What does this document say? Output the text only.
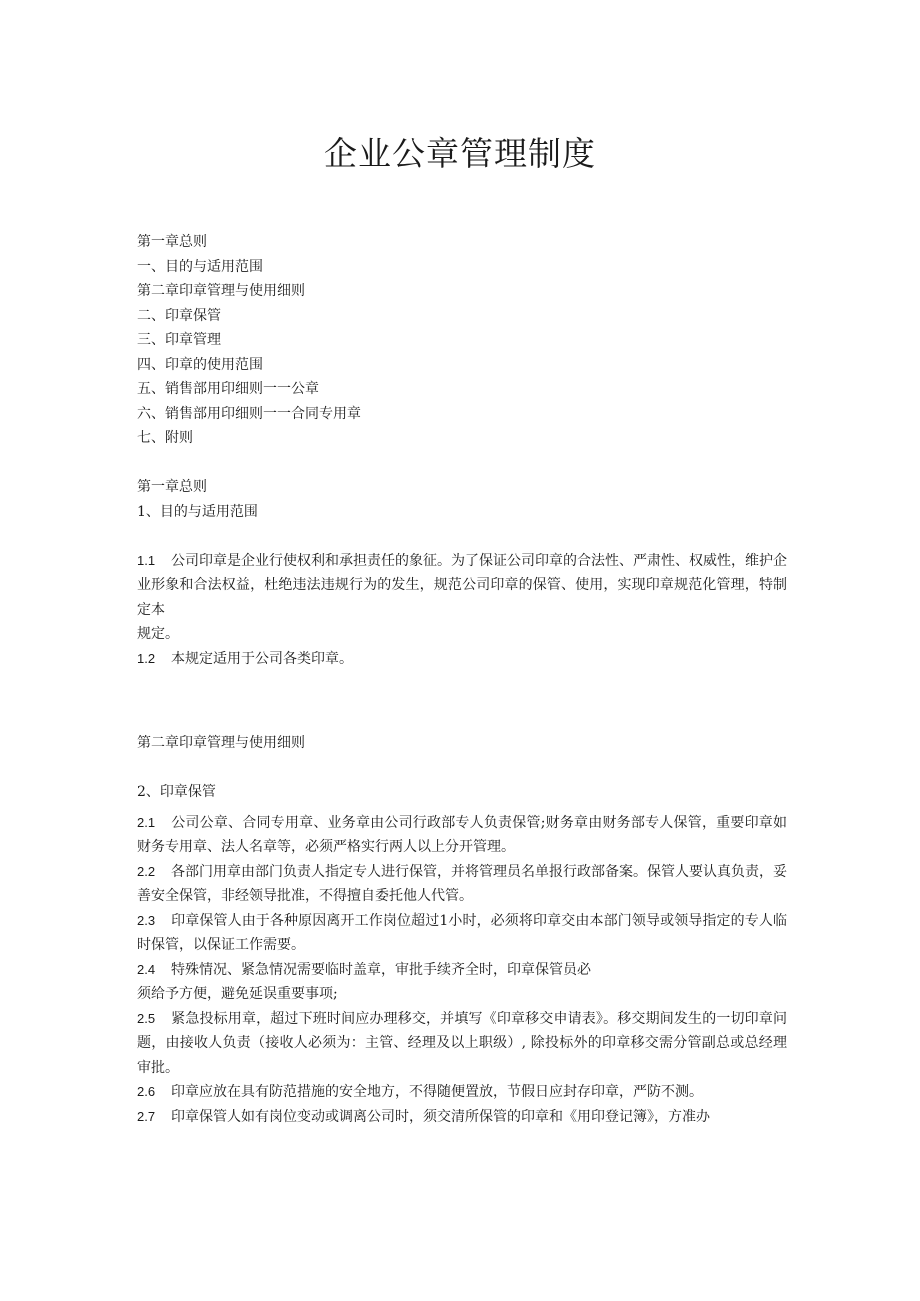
企业公章管理制度
第一章总则
一、目的与适用范围
第二章印章管理与使用细则
二、印章保管
三、印章管理
四、印章的使用范围
五、销售部用印细则一一公章
六、销售部用印细则一一合同专用章
七、附则
第一章总则
1、目的与适用范围
1.1 公司印章是企业行使权利和承担责任的象征。为了保证公司印章的合法性、严肃性、权威性，维护企业形象和合法权益，杜绝违法违规行为的发生，规范公司印章的保管、使用，实现印章规范化管理，特制定本
规定。
1.2 本规定适用于公司各类印章。
第二章印章管理与使用细则
2、印章保管
2.1 公司公章、合同专用章、业务章由公司行政部专人负责保管;财务章由财务部专人保管，重要印章如财务专用章、法人名章等，必须严格实行两人以上分开管理。
2.2 各部门用章由部门负责人指定专人进行保管，并将管理员名单报行政部备案。保管人要认真负责，妥善安全保管，非经领导批准，不得擅自委托他人代管。
2.3 印章保管人由于各种原因离开工作岗位超过1小时，必须将印章交由本部门领导或领导指定的专人临时保管，以保证工作需要。
2.4 特殊情况、紧急情况需要临时盖章，审批手续齐全时，印章保管员必
须给予方便，避免延误重要事项;
2.5 紧急投标用章，超过下班时间应办理移交，并填写《印章移交申请表》。移交期间发生的一切印章问题，由接收人负责（接收人必须为：主管、经理及以上职级）, 除投标外的印章移交需分管副总或总经理审批。
2.6 印章应放在具有防范措施的安全地方，不得随便置放，节假日应封存印章，严防不测。
2.7 印章保管人如有岗位变动或调离公司时，须交清所保管的印章和《用印登记簿》，方准办
